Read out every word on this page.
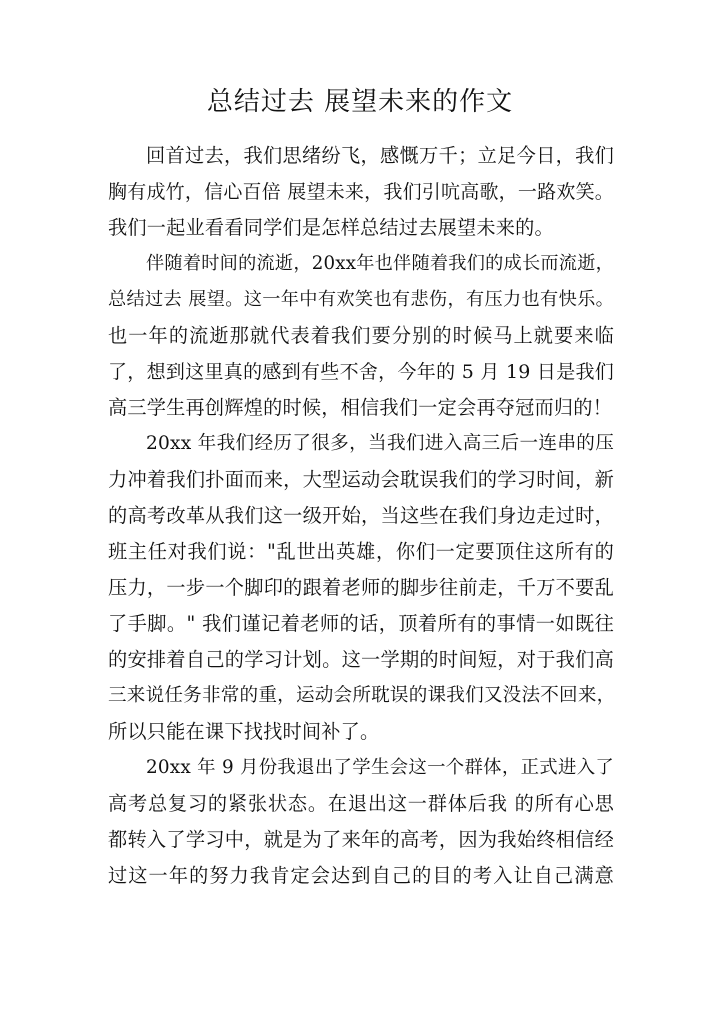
总结过去 展望未来的作文
回首过去，我们思绪纷飞，感慨万千；立足今日，我们
胸有成竹，信心百倍 展望未来，我们引吭高歌，一路欢笑。
我们一起业看看同学们是怎样总结过去展望未来的。
伴随着时间的流逝，20xx年也伴随着我们的成长而流逝，
总结过去 展望。这一年中有欢笑也有悲伤，有压力也有快乐。
也一年的流逝那就代表着我们要分别的时候马上就要来临
了，想到这里真的感到有些不舍，今年的 5 月 19 日是我们
高三学生再创辉煌的时候，相信我们一定会再夺冠而归的！
20xx 年我们经历了很多，当我们进入高三后一连串的压
力冲着我们扑面而来，大型运动会耽误我们的学习时间，新
的高考改革从我们这一级开始，当这些在我们身边走过时，
班主任对我们说："乱世出英雄，你们一定要顶住这所有的
压力，一步一个脚印的跟着老师的脚步往前走，千万不要乱
了手脚。" 我们谨记着老师的话，顶着所有的事情一如既往
的安排着自己的学习计划。这一学期的时间短，对于我们高
三来说任务非常的重，运动会所耽误的课我们又没法不回来，
所以只能在课下找找时间补了。
20xx 年 9 月份我退出了学生会这一个群体，正式进入了
高考总复习的紧张状态。在退出这一群体后我 的所有心思
都转入了学习中，就是为了来年的高考，因为我始终相信经
过这一年的努力我肯定会达到自己的目的考入让自己满意
